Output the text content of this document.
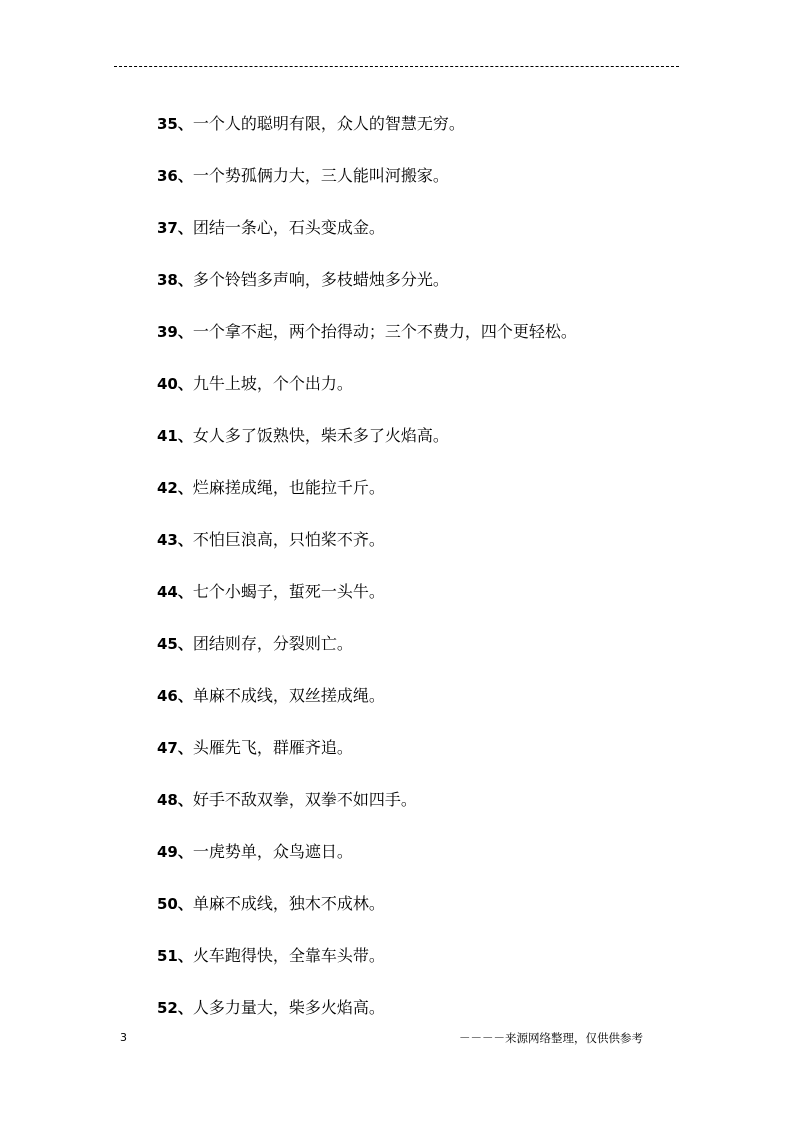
35、一个人的聪明有限，众人的智慧无穷。
36、一个势孤俩力大，三人能叫河搬家。
37、团结一条心，石头变成金。
38、多个铃铛多声响，多枝蜡烛多分光。
39、一个拿不起，两个抬得动；三个不费力，四个更轻松。
40、九牛上坡，个个出力。
41、女人多了饭熟快，柴禾多了火焰高。
42、烂麻搓成绳，也能拉千斤。
43、不怕巨浪高，只怕桨不齐。
44、七个小蝎子，蜇死一头牛。
45、团结则存，分裂则亡。
46、单麻不成线，双丝搓成绳。
47、头雁先飞，群雁齐追。
48、好手不敌双拳，双拳不如四手。
49、一虎势单，众鸟遮日。
50、单麻不成线，独木不成林。
51、火车跑得快，全靠车头带。
52、人多力量大，柴多火焰高。
3	－－－－来源网络整理，仅供供参考
